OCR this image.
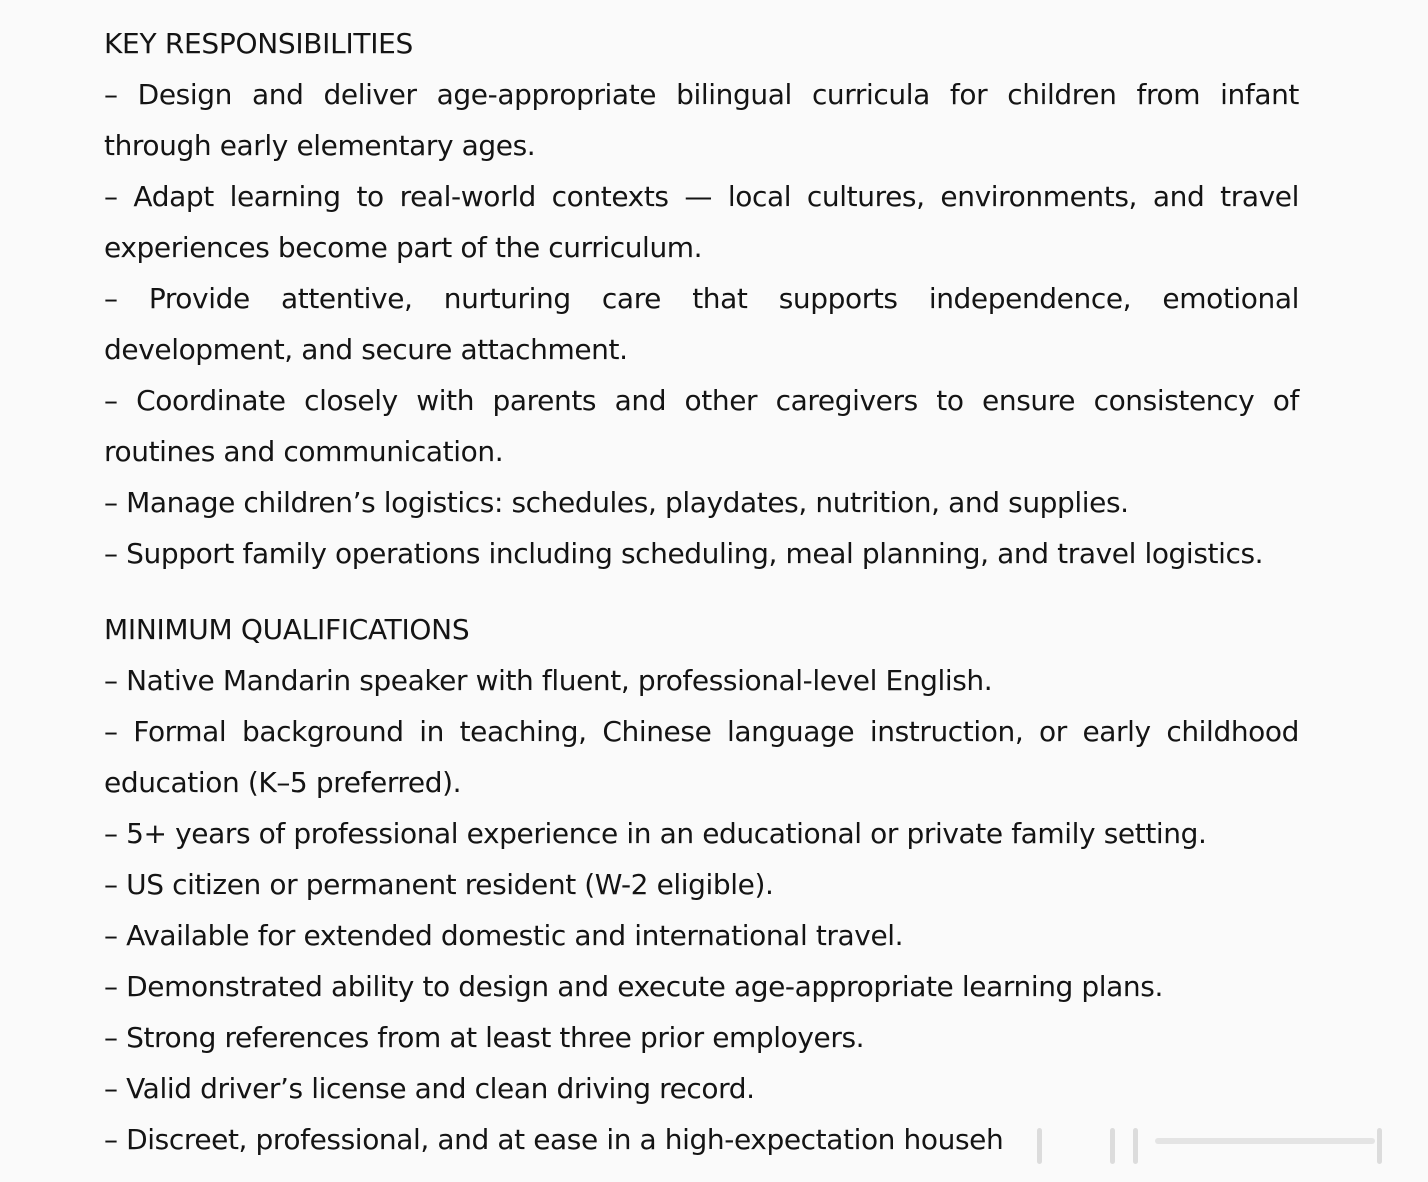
KEY RESPONSIBILITIES

– Design and deliver age-appropriate bilingual curricula for children from infant through early elementary ages.

– Adapt learning to real-world contexts — local cultures, environments, and travel experiences become part of the curriculum.

– Provide attentive, nurturing care that supports independence, emotional development, and secure attachment.

– Coordinate closely with parents and other caregivers to ensure consistency of routines and communication.

– Manage children’s logistics: schedules, playdates, nutrition, and supplies.

– Support family operations including scheduling, meal planning, and travel logistics.

MINIMUM QUALIFICATIONS

– Native Mandarin speaker with fluent, professional-level English.

– Formal background in teaching, Chinese language instruction, or early childhood education (K–5 preferred).

– 5+ years of professional experience in an educational or private family setting.

– US citizen or permanent resident (W-2 eligible).

– Available for extended domestic and international travel.

– Demonstrated ability to design and execute age-appropriate learning plans.

– Strong references from at least three prior employers.

– Valid driver’s license and clean driving record.

– Discreet, professional, and at ease in a high-expectation househ
